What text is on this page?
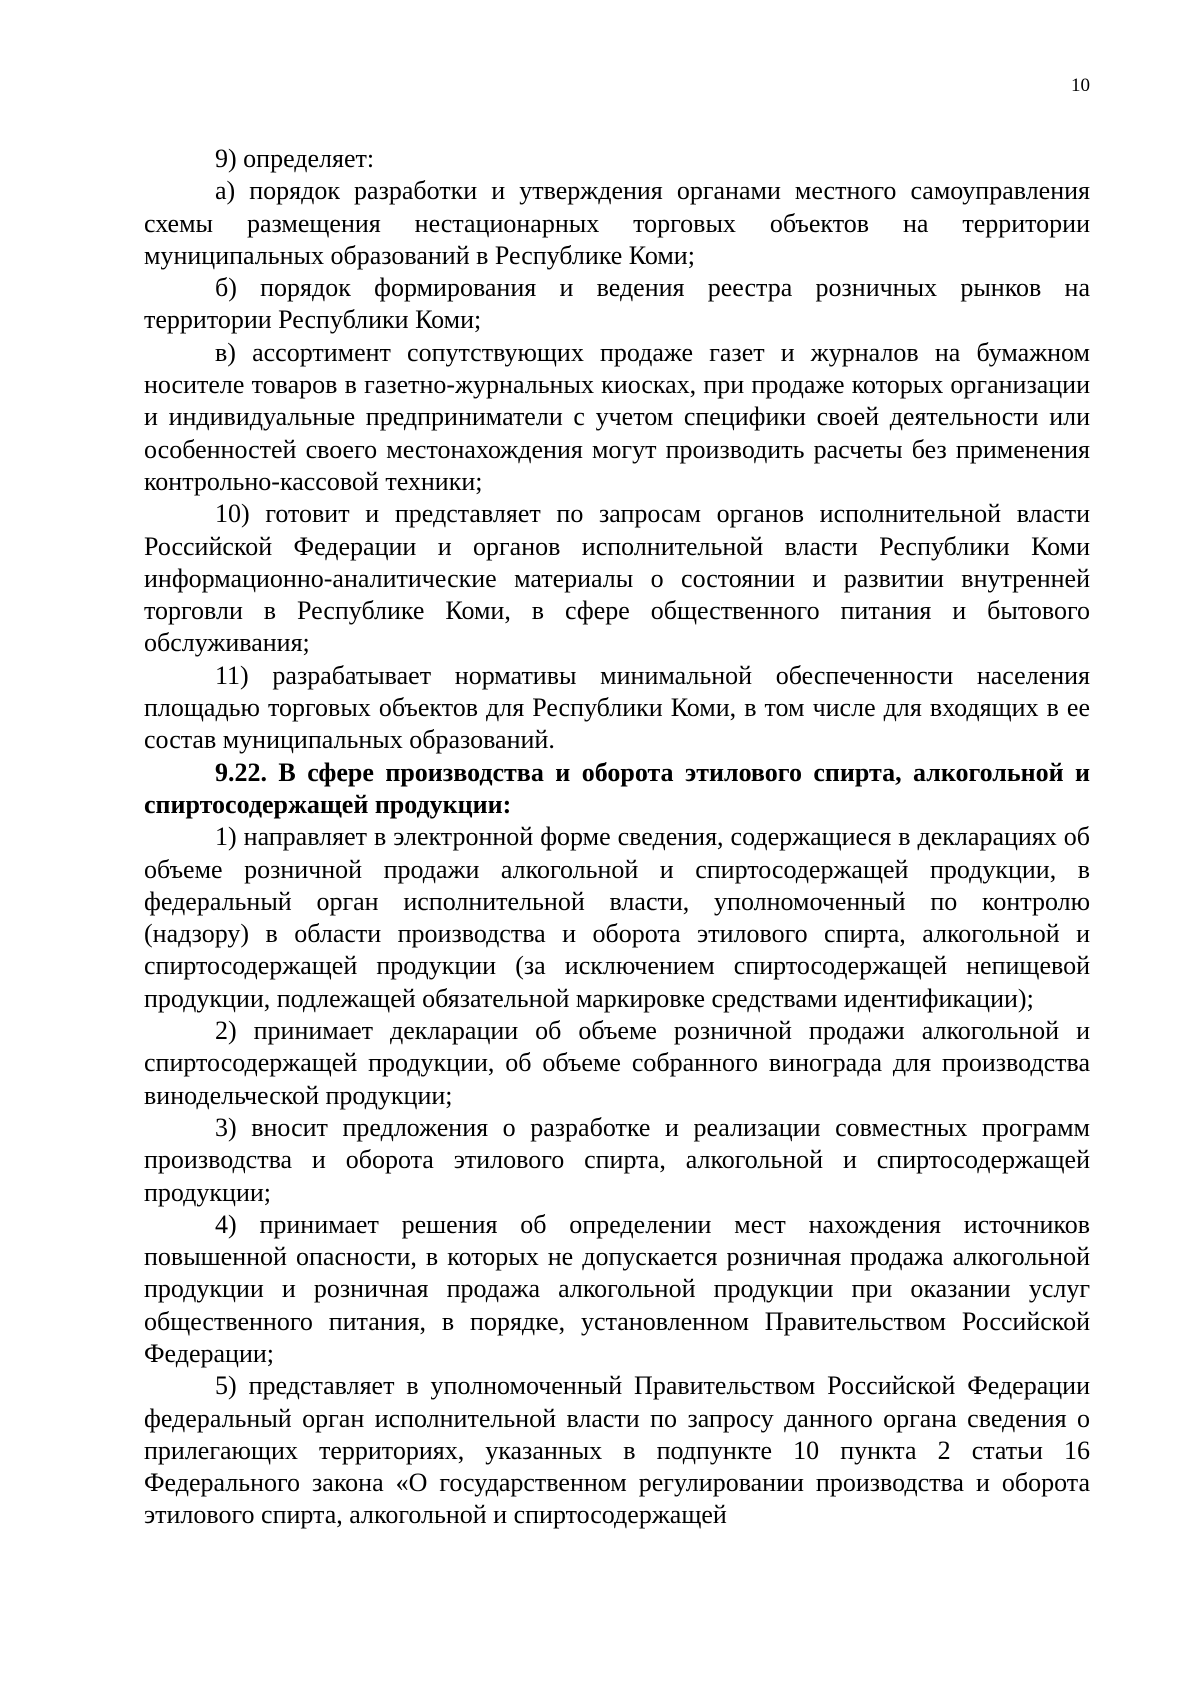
10

9) определяет:

а) порядок разработки и утверждения органами местного самоуправления схемы размещения нестационарных торговых объектов на территории муниципальных образований в Республике Коми;

б) порядок формирования и ведения реестра розничных рынков на территории Республики Коми;

в) ассортимент сопутствующих продаже газет и журналов на бумажном носителе товаров в газетно-журнальных киосках, при продаже которых организации и индивидуальные предприниматели с учетом специфики своей деятельности или особенностей своего местонахождения могут производить расчеты без применения контрольно-кассовой техники;

10) готовит и представляет по запросам органов исполнительной власти Российской Федерации и органов исполнительной власти Республики Коми информационно-аналитические материалы о состоянии и развитии внутренней торговли в Республике Коми, в сфере общественного питания и бытового обслуживания;

11) разрабатывает нормативы минимальной обеспеченности населения площадью торговых объектов для Республики Коми, в том числе для входящих в ее состав муниципальных образований.

9.22. В сфере производства и оборота этилового спирта, алкогольной и спиртосодержащей продукции:

1) направляет в электронной форме сведения, содержащиеся в декларациях об объеме розничной продажи алкогольной и спиртосодержащей продукции, в федеральный орган исполнительной власти, уполномоченный по контролю (надзору) в области производства и оборота этилового спирта, алкогольной и спиртосодержащей продукции (за исключением спиртосодержащей непищевой продукции, подлежащей обязательной маркировке средствами идентификации);

2) принимает декларации об объеме розничной продажи алкогольной и спиртосодержащей продукции, об объеме собранного винограда для производства винодельческой продукции;

3) вносит предложения о разработке и реализации совместных программ производства и оборота этилового спирта, алкогольной и спиртосодержащей продукции;

4) принимает решения об определении мест нахождения источников повышенной опасности, в которых не допускается розничная продажа алкогольной продукции и розничная продажа алкогольной продукции при оказании услуг общественного питания, в порядке, установленном Правительством Российской Федерации;

5) представляет в уполномоченный Правительством Российской Федерации федеральный орган исполнительной власти по запросу данного органа сведения о прилегающих территориях, указанных в подпункте 10 пункта 2 статьи 16 Федерального закона «О государственном регулировании производства и оборота этилового спирта, алкогольной и спиртосодержащей
